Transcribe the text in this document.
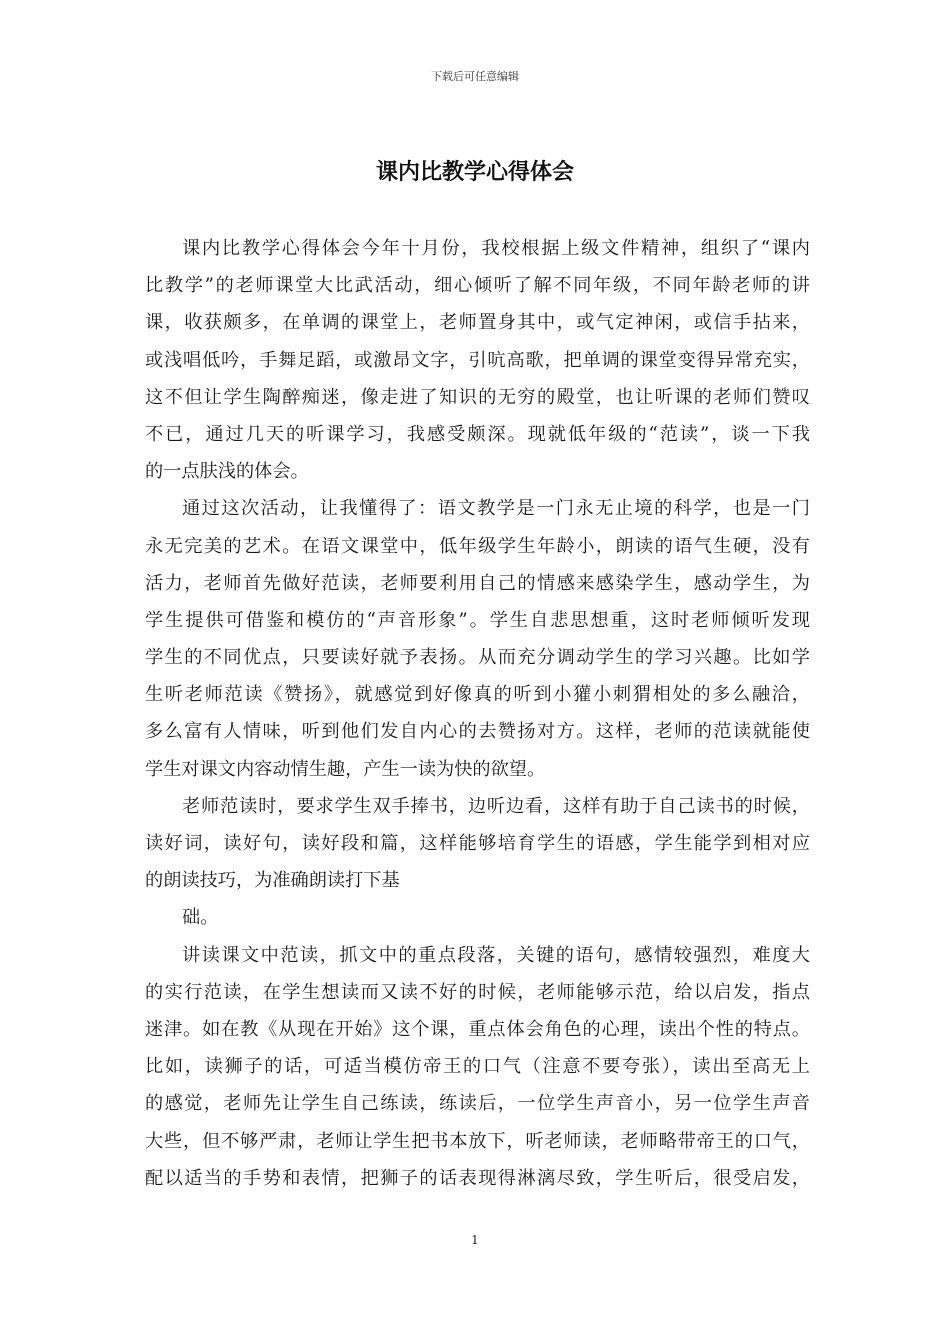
下载后可任意编辑
课内比教学心得体会
课内比教学心得体会今年十月份，我校根据上级文件精神，组织了“课内
比教学”的老师课堂大比武活动，细心倾听了解不同年级，不同年龄老师的讲
课，收获颇多，在单调的课堂上，老师置身其中，或气定神闲，或信手拈来，
或浅唱低吟，手舞足蹈，或激昂文字，引吭高歌，把单调的课堂变得异常充实，
这不但让学生陶醉痴迷，像走进了知识的无穷的殿堂，也让听课的老师们赞叹
不已，通过几天的听课学习，我感受颇深。现就低年级的“范读”，谈一下我
的一点肤浅的体会。
通过这次活动，让我懂得了：语文教学是一门永无止境的科学，也是一门
永无完美的艺术。在语文课堂中，低年级学生年龄小，朗读的语气生硬，没有
活力，老师首先做好范读，老师要利用自己的情感来感染学生，感动学生，为
学生提供可借鉴和模仿的“声音形象”。学生自悲思想重，这时老师倾听发现
学生的不同优点，只要读好就予表扬。从而充分调动学生的学习兴趣。比如学
生听老师范读《赞扬》，就感觉到好像真的听到小獾小刺猬相处的多么融洽，
多么富有人情味，听到他们发自内心的去赞扬对方。这样，老师的范读就能使
学生对课文内容动情生趣，产生一读为快的欲望。
老师范读时，要求学生双手捧书，边听边看，这样有助于自己读书的时候，
读好词，读好句，读好段和篇，这样能够培育学生的语感，学生能学到相对应
的朗读技巧，为准确朗读打下基
础。
讲读课文中范读，抓文中的重点段落，关键的语句，感情较强烈，难度大
的实行范读，在学生想读而又读不好的时候，老师能够示范，给以启发，指点
迷津。如在教《从现在开始》这个课，重点体会角色的心理，读出个性的特点。
比如，读狮子的话，可适当模仿帝王的口气（注意不要夸张），读出至高无上
的感觉，老师先让学生自己练读，练读后，一位学生声音小，另一位学生声音
大些，但不够严肃，老师让学生把书本放下，听老师读，老师略带帝王的口气，
配以适当的手势和表情，把狮子的话表现得淋漓尽致，学生听后，很受启发，
1
